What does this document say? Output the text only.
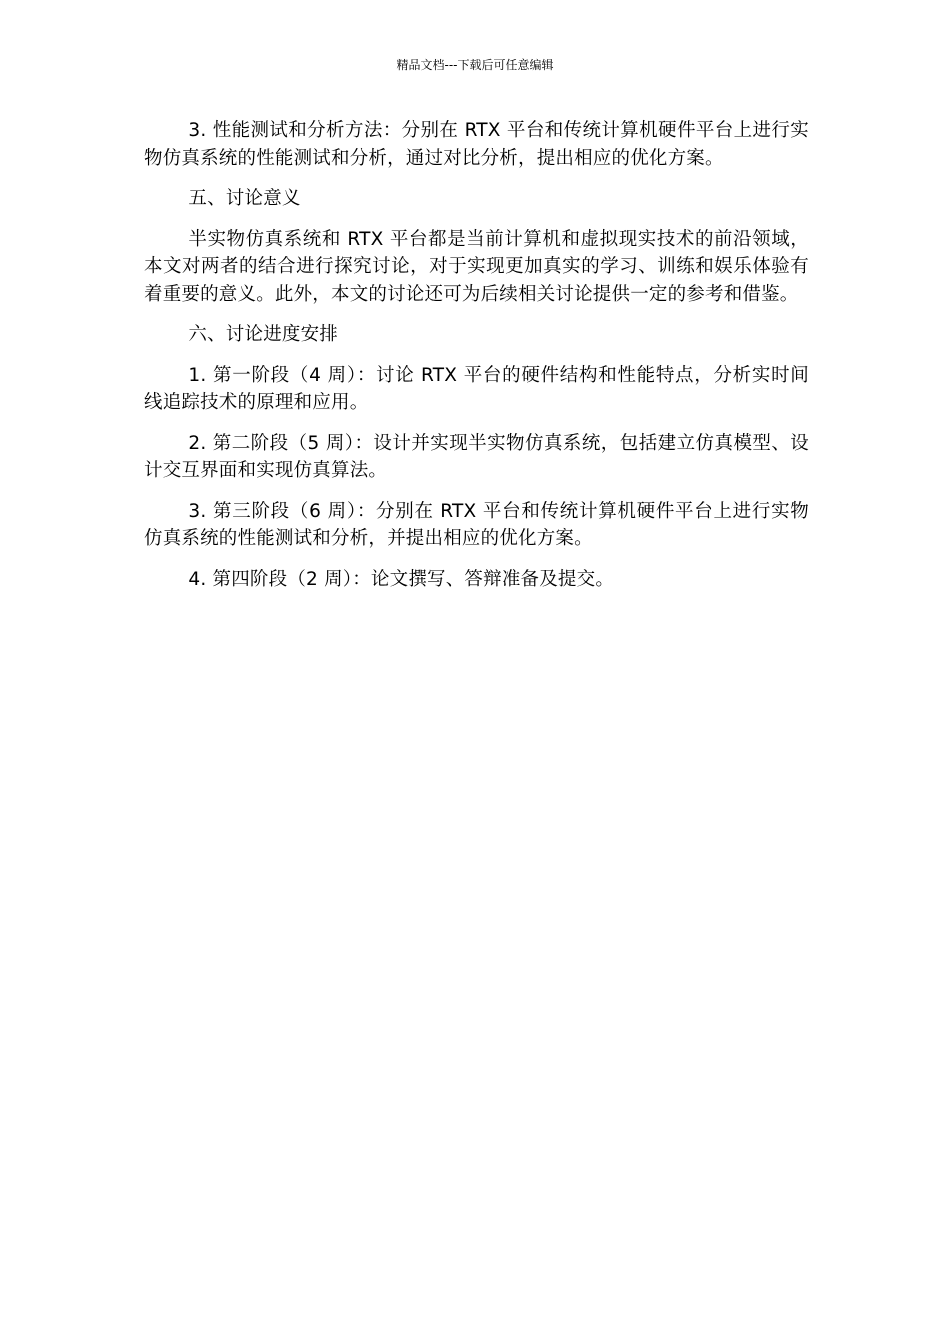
精品文档---下载后可任意编辑

3. 性能测试和分析方法：分别在 RTX 平台和传统计算机硬件平台上进行实物仿真系统的性能测试和分析，通过对比分析，提出相应的优化方案。

五、讨论意义

半实物仿真系统和 RTX 平台都是当前计算机和虚拟现实技术的前沿领域，本文对两者的结合进行探究讨论，对于实现更加真实的学习、训练和娱乐体验有着重要的意义。此外，本文的讨论还可为后续相关讨论提供一定的参考和借鉴。

六、讨论进度安排

1. 第一阶段（4 周）：讨论 RTX 平台的硬件结构和性能特点，分析实时间线追踪技术的原理和应用。

2. 第二阶段（5 周）：设计并实现半实物仿真系统，包括建立仿真模型、设计交互界面和实现仿真算法。

3. 第三阶段（6 周）：分别在 RTX 平台和传统计算机硬件平台上进行实物仿真系统的性能测试和分析，并提出相应的优化方案。

4. 第四阶段（2 周）：论文撰写、答辩准备及提交。
